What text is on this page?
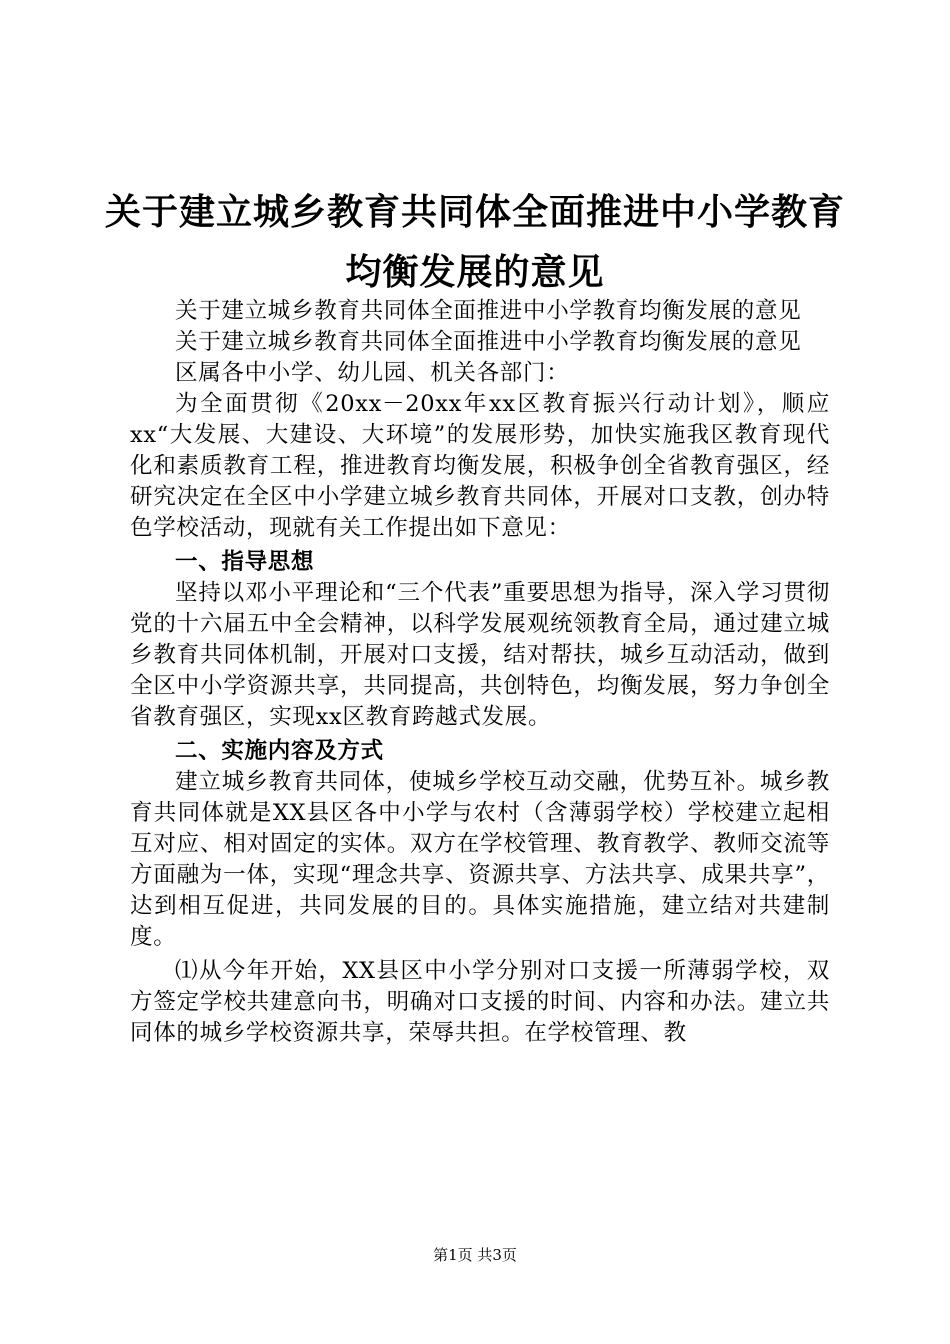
关于建立城乡教育共同体全面推进中小学教育
均衡发展的意见

关于建立城乡教育共同体全面推进中小学教育均衡发展的意见

关于建立城乡教育共同体全面推进中小学教育均衡发展的意见

区属各中小学、幼儿园、机关各部门：

为全面贯彻《20xx－20xx年xx区教育振兴行动计划》，顺应xx“大发展、大建设、大环境”的发展形势，加快实施我区教育现代化和素质教育工程，推进教育均衡发展，积极争创全省教育强区，经研究决定在全区中小学建立城乡教育共同体，开展对口支教，创办特色学校活动，现就有关工作提出如下意见：

一、指导思想

坚持以邓小平理论和“三个代表”重要思想为指导，深入学习贯彻党的十六届五中全会精神，以科学发展观统领教育全局，通过建立城乡教育共同体机制，开展对口支援，结对帮扶，城乡互动活动，做到全区中小学资源共享，共同提高，共创特色，均衡发展，努力争创全省教育强区，实现xx区教育跨越式发展。

二、实施内容及方式

建立城乡教育共同体，使城乡学校互动交融，优势互补。城乡教育共同体就是XX县区各中小学与农村（含薄弱学校）学校建立起相互对应、相对固定的实体。双方在学校管理、教育教学、教师交流等方面融为一体，实现“理念共享、资源共享、方法共享、成果共享”，达到相互促进，共同发展的目的。具体实施措施，建立结对共建制度。

⑴从今年开始，XX县区中小学分别对口支援一所薄弱学校，双方签定学校共建意向书，明确对口支援的时间、内容和办法。建立共同体的城乡学校资源共享，荣辱共担。在学校管理、教

第1页 共3页
